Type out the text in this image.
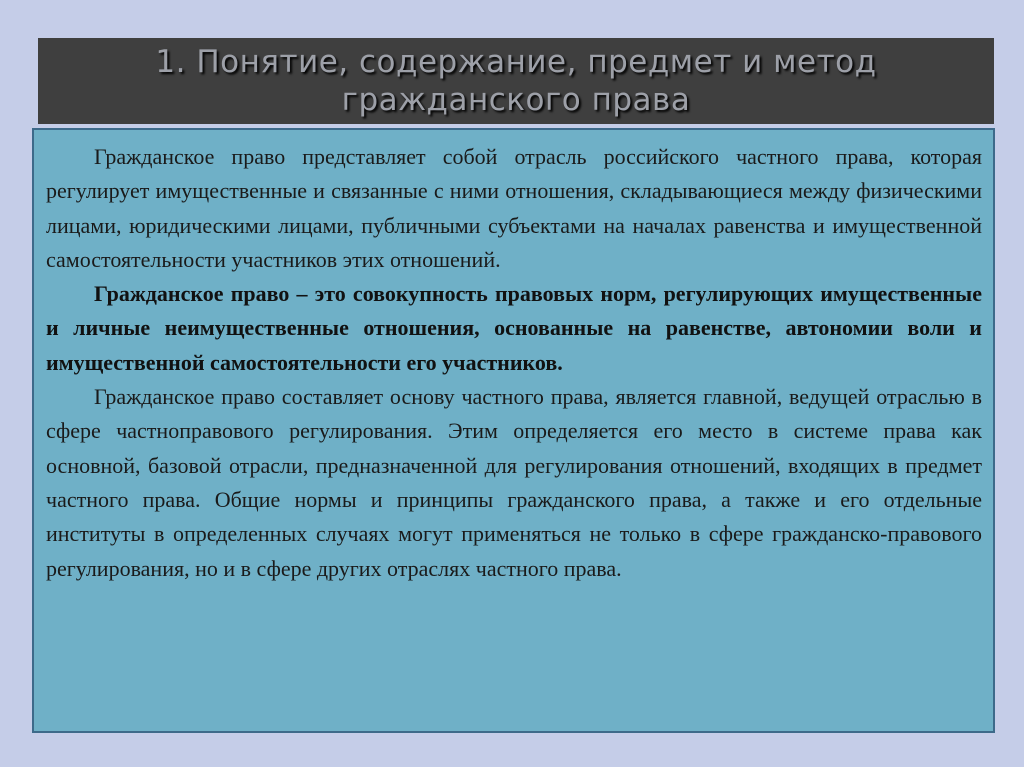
1. Понятие, содержание, предмет и метод
гражданского права

Гражданское право представляет собой отрасль российского частного права, которая регулирует имущественные и связанные с ними отношения, складывающиеся между физическими лицами, юридическими лицами, публичными субъектами на началах равенства и имущественной самостоятельности участников этих отношений.

Гражданское право – это совокупность правовых норм, регулирующих имущественные и личные неимущественные отношения, основанные на равенстве, автономии воли и имущественной самостоятельности его участников.

Гражданское право составляет основу частного права, является главной, ведущей отраслью в сфере частноправового регулирования. Этим определяется его место в системе права как основной, базовой отрасли, предназначенной для регулирования отношений, входящих в предмет частного права. Общие нормы и принципы гражданского права, а также и его отдельные институты в определенных случаях могут применяться не только в сфере гражданско-правового регулирования, но и в сфере других отраслях частного права.
